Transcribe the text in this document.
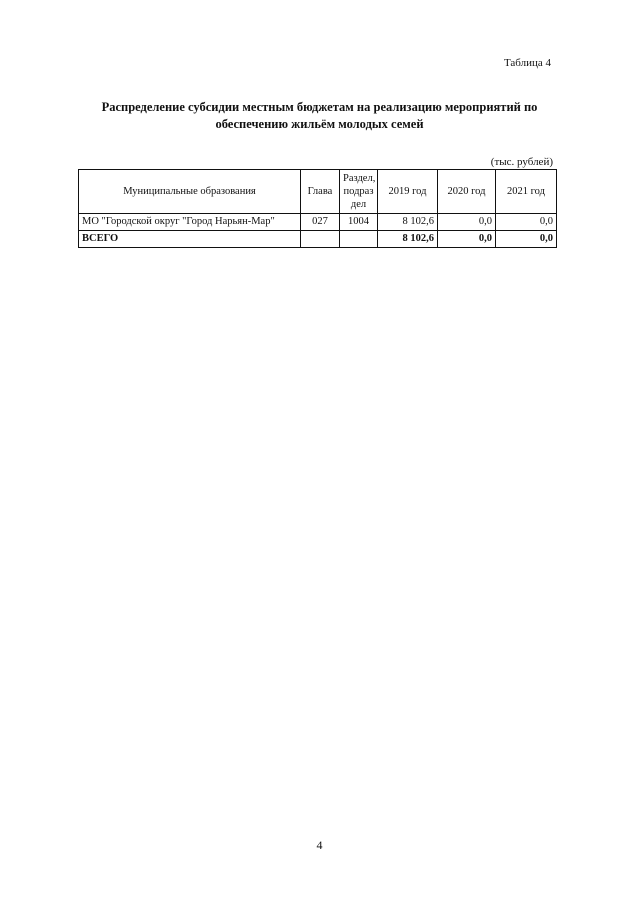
Таблица 4
Распределение субсидии местным бюджетам на реализацию мероприятий по обеспечению жильём молодых семей
(тыс. рублей)
Муниципальные образования	Глава	Раздел, подраз дел	2019 год	2020 год	2021 год
МО "Городской округ "Город Нарьян-Мар"	027	1004	8 102,6	0,0	0,0
ВСЕГО			8 102,6	0,0	0,0
4
